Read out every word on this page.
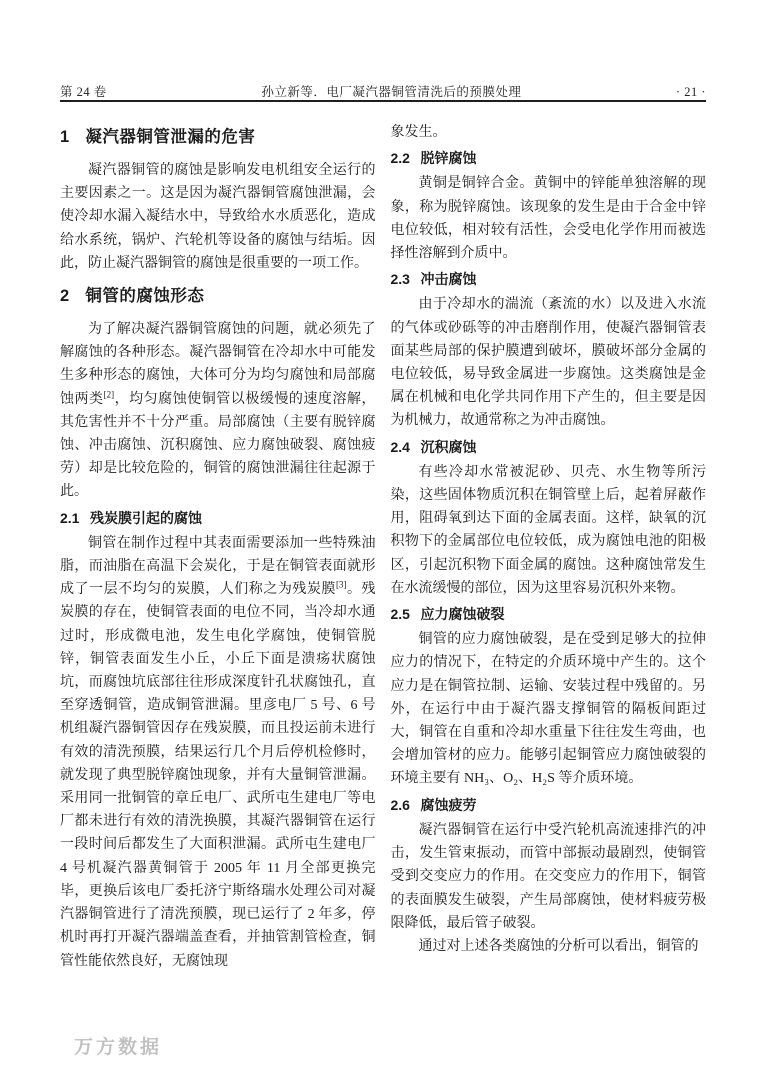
第 24 卷	孙立新等．电厂凝汽器铜管清洗后的预膜处理	· 21 ·
1 凝汽器铜管泄漏的危害

凝汽器铜管的腐蚀是影响发电机组安全运行的主要因素之一。这是因为凝汽器铜管腐蚀泄漏，会使冷却水漏入凝结水中，导致给水水质恶化，造成给水系统，锅炉、汽轮机等设备的腐蚀与结垢。因此，防止凝汽器铜管的腐蚀是很重要的一项工作。

2 铜管的腐蚀形态

为了解决凝汽器铜管腐蚀的问题，就必须先了解腐蚀的各种形态。凝汽器铜管在冷却水中可能发生多种形态的腐蚀，大体可分为均匀腐蚀和局部腐蚀两类[2]，均匀腐蚀使铜管以极缓慢的速度溶解，其危害性并不十分严重。局部腐蚀（主要有脱锌腐蚀、冲击腐蚀、沉积腐蚀、应力腐蚀破裂、腐蚀疲劳）却是比较危险的，铜管的腐蚀泄漏往往起源于此。

2.1 残炭膜引起的腐蚀

铜管在制作过程中其表面需要添加一些特殊油脂，而油脂在高温下会炭化，于是在铜管表面就形成了一层不均匀的炭膜，人们称之为残炭膜[3]。残炭膜的存在，使铜管表面的电位不同，当冷却水通过时，形成微电池，发生电化学腐蚀，使铜管脱锌，铜管表面发生小丘，小丘下面是溃疡状腐蚀坑，而腐蚀坑底部往往形成深度针孔状腐蚀孔，直至穿透铜管，造成铜管泄漏。里彦电厂 5 号、6 号机组凝汽器铜管因存在残炭膜，而且投运前未进行有效的清洗预膜，结果运行几个月后停机检修时，就发现了典型脱锌腐蚀现象，并有大量铜管泄漏。采用同一批铜管的章丘电厂、武所屯生建电厂等电厂都未进行有效的清洗换膜，其凝汽器铜管在运行一段时间后都发生了大面积泄漏。武所屯生建电厂 4 号机凝汽器黄铜管于 2005 年 11 月全部更换完毕，更换后该电厂委托济宁斯络瑞水处理公司对凝汽器铜管进行了清洗预膜，现已运行了 2 年多，停机时再打开凝汽器端盖查看，并抽管割管检查，铜管性能依然良好，无腐蚀现

象发生。

2.2 脱锌腐蚀

黄铜是铜锌合金。黄铜中的锌能单独溶解的现象，称为脱锌腐蚀。该现象的发生是由于合金中锌电位较低，相对较有活性，会受电化学作用而被选择性溶解到介质中。

2.3 冲击腐蚀

由于冷却水的湍流（紊流的水）以及进入水流的气体或砂砾等的冲击磨削作用，使凝汽器铜管表面某些局部的保护膜遭到破坏，膜破坏部分金属的电位较低，易导致金属进一步腐蚀。这类腐蚀是金属在机械和电化学共同作用下产生的，但主要是因为机械力，故通常称之为冲击腐蚀。

2.4 沉积腐蚀

有些冷却水常被泥砂、贝壳、水生物等所污染，这些固体物质沉积在铜管壁上后，起着屏蔽作用，阻碍氧到达下面的金属表面。这样，缺氧的沉积物下的金属部位电位较低，成为腐蚀电池的阳极区，引起沉积物下面金属的腐蚀。这种腐蚀常发生在水流缓慢的部位，因为这里容易沉积外来物。

2.5 应力腐蚀破裂

铜管的应力腐蚀破裂，是在受到足够大的拉伸应力的情况下，在特定的介质环境中产生的。这个应力是在铜管拉制、运输、安装过程中残留的。另外，在运行中由于凝汽器支撑铜管的隔板间距过大，铜管在自重和冷却水重量下往往发生弯曲，也会增加管材的应力。能够引起铜管应力腐蚀破裂的环境主要有 NH₃、O₂、H₂S 等介质环境。

2.6 腐蚀疲劳

凝汽器铜管在运行中受汽轮机高流速排汽的冲击，发生管束振动，而管中部振动最剧烈，使铜管受到交变应力的作用。在交变应力的作用下，铜管的表面膜发生破裂，产生局部腐蚀，使材料疲劳极限降低，最后管子破裂。

通过对上述各类腐蚀的分析可以看出，铜管的

万方数据
